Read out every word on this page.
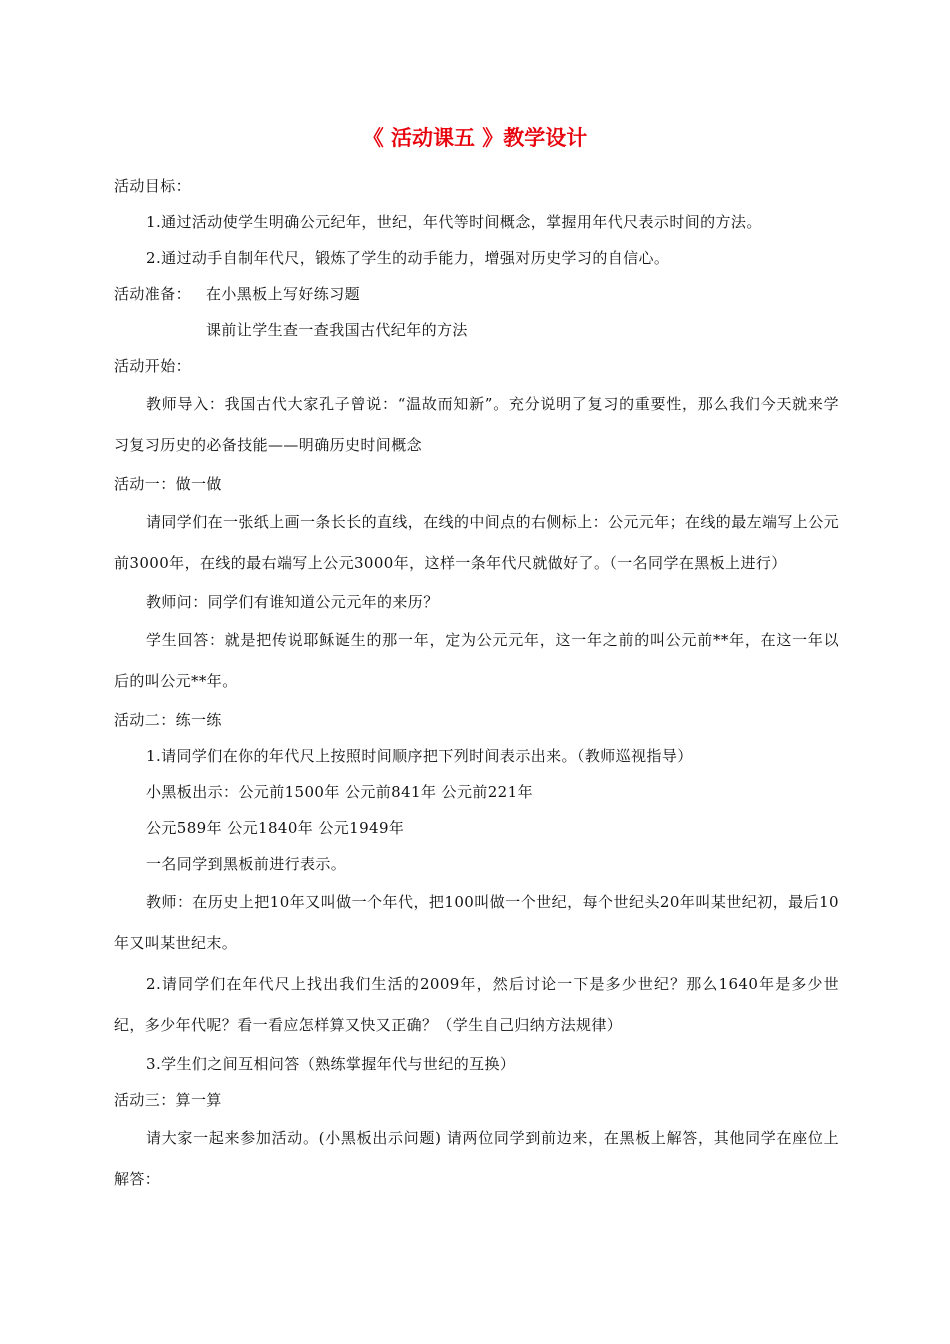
《 活动课五 》教学设计

活动目标：

1.通过活动使学生明确公元纪年，世纪，年代等时间概念，掌握用年代尺表示时间的方法。

2.通过动手自制年代尺，锻炼了学生的动手能力，增强对历史学习的自信心。

活动准备： 在小黑板上写好练习题

课前让学生查一查我国古代纪年的方法

活动开始：

教师导入：我国古代大家孔子曾说：“温故而知新”。充分说明了复习的重要性，那么我们今天就来学习复习历史的必备技能——明确历史时间概念

活动一：做一做

请同学们在一张纸上画一条长长的直线，在线的中间点的右侧标上：公元元年；在线的最左端写上公元前3000年，在线的最右端写上公元3000年，这样一条年代尺就做好了。（一名同学在黑板上进行）

教师问：同学们有谁知道公元元年的来历？

学生回答：就是把传说耶稣诞生的那一年，定为公元元年，这一年之前的叫公元前**年，在这一年以后的叫公元**年。

活动二：练一练

1.请同学们在你的年代尺上按照时间顺序把下列时间表示出来。（教师巡视指导）

小黑板出示：公元前1500年 公元前841年 公元前221年

公元589年 公元1840年 公元1949年

一名同学到黑板前进行表示。

教师：在历史上把10年又叫做一个年代，把100叫做一个世纪，每个世纪头20年叫某世纪初，最后10年又叫某世纪末。

2.请同学们在年代尺上找出我们生活的2009年，然后讨论一下是多少世纪？那么1640年是多少世纪，多少年代呢？看一看应怎样算又快又正确？（学生自己归纳方法规律）

3.学生们之间互相问答（熟练掌握年代与世纪的互换）

活动三：算一算

请大家一起来参加活动。(小黑板出示问题) 请两位同学到前边来，在黑板上解答，其他同学在座位上解答：
